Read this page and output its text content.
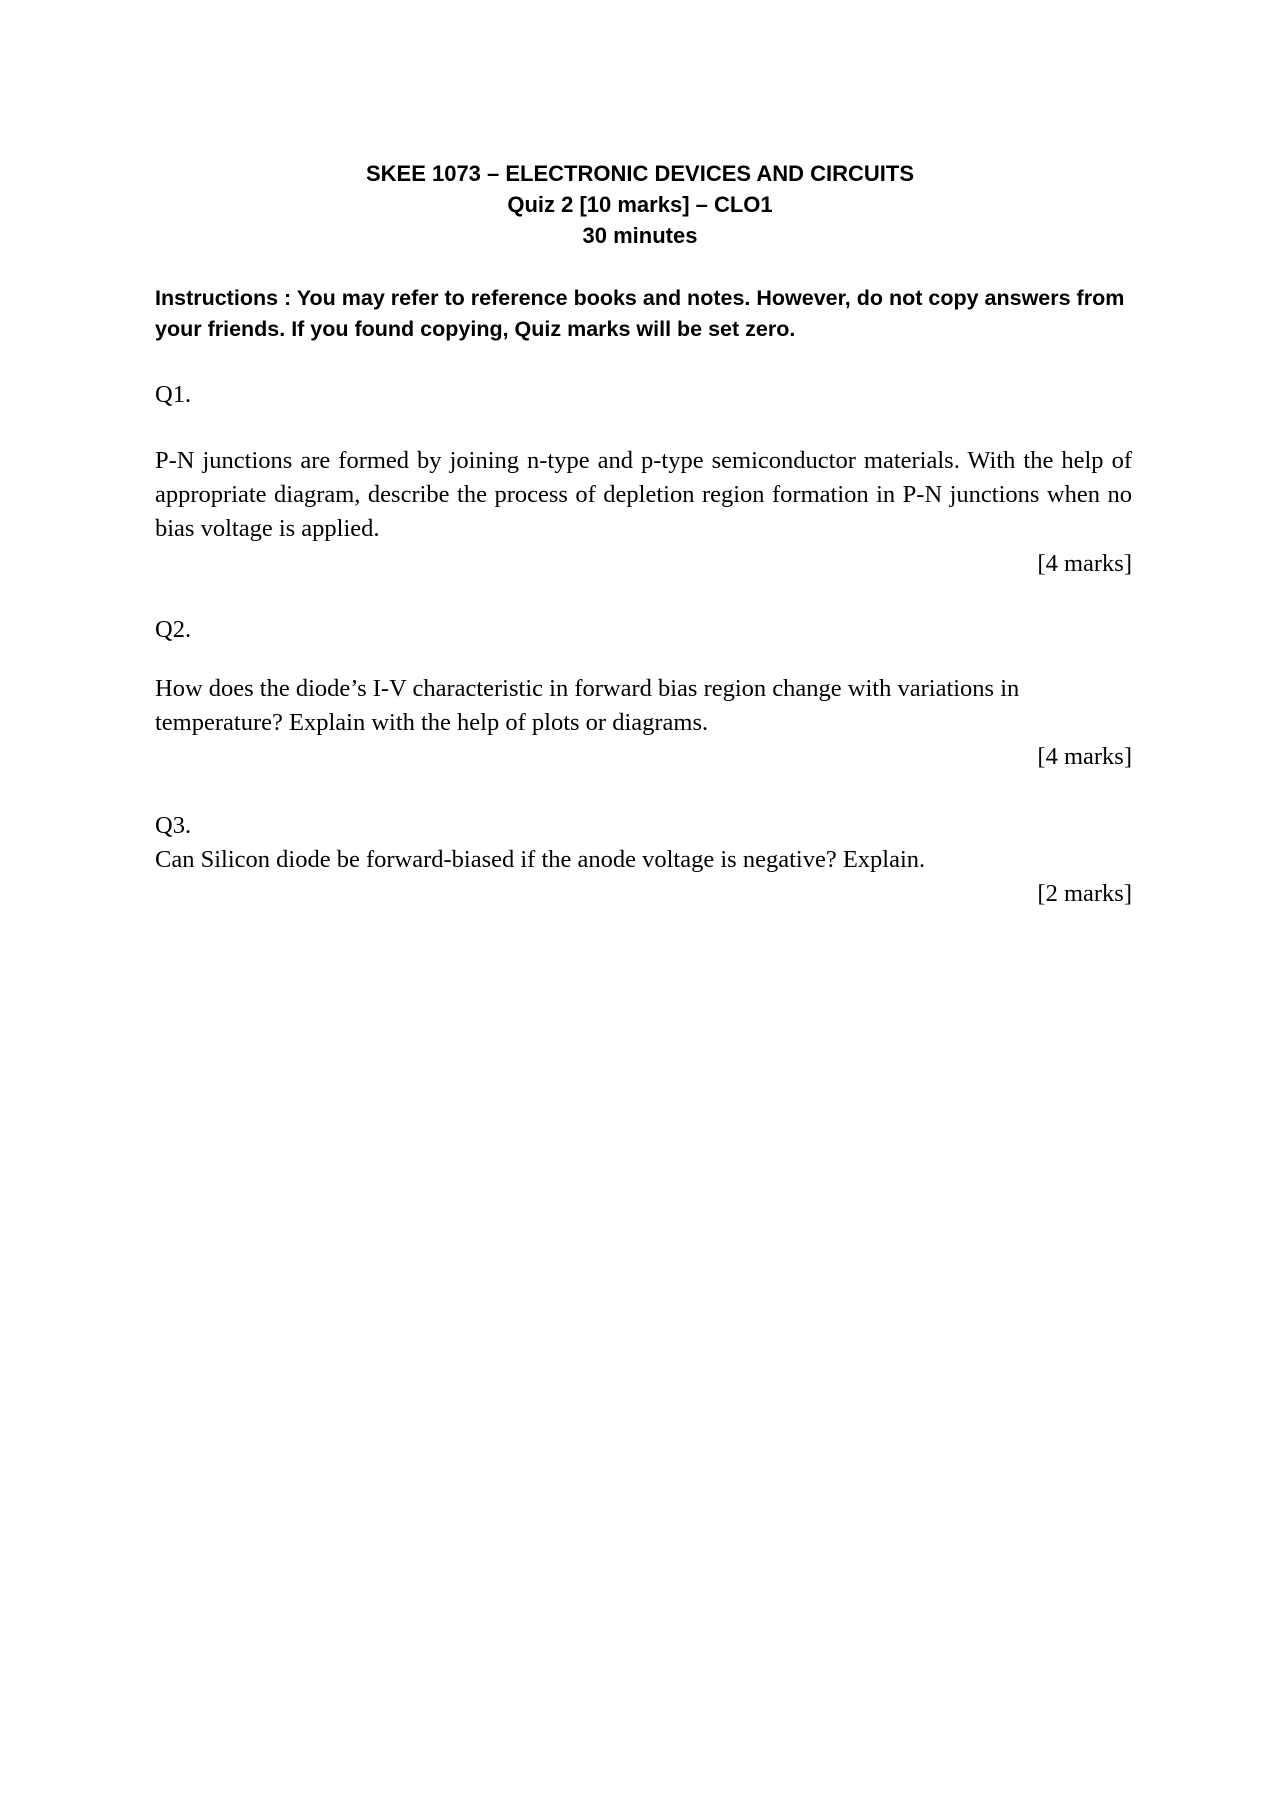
SKEE 1073 – ELECTRONIC DEVICES AND CIRCUITS
Quiz 2 [10 marks] – CLO1
30 minutes
Instructions : You may refer to reference books and notes. However, do not copy answers from your friends. If you found copying, Quiz marks will be set zero.
Q1.
P-N junctions are formed by joining n-type and p-type semiconductor materials. With the help of appropriate diagram, describe the process of depletion region formation in P-N junctions when no bias voltage is applied.
[4 marks]
Q2.
How does the diode’s I-V characteristic in forward bias region change with variations in temperature? Explain with the help of plots or diagrams.
[4 marks]
Q3.
Can Silicon diode be forward-biased if the anode voltage is negative? Explain.
[2 marks]
